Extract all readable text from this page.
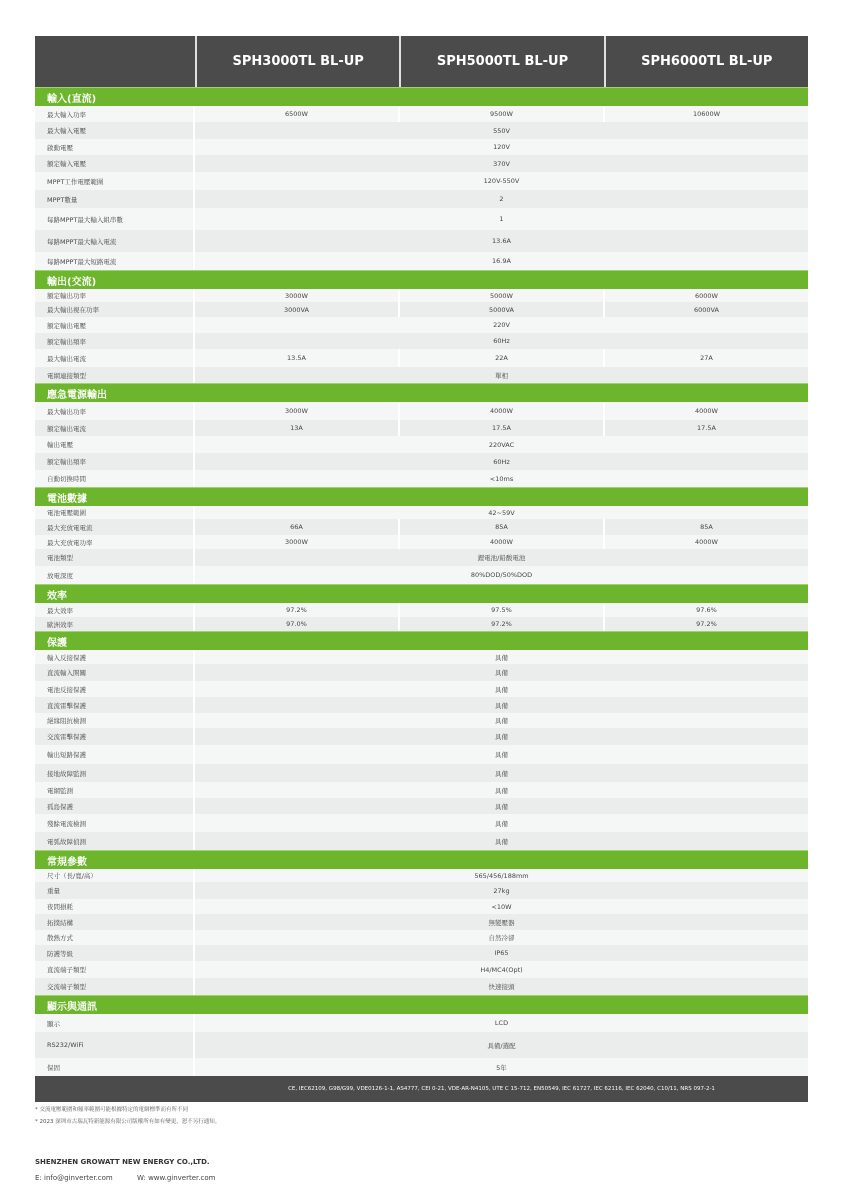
SPH3000TL BL-UP	SPH5000TL BL-UP	SPH6000TL BL-UP
輸入(直流)
最大輸入功率	6500W	9500W	10600W
最大輸入電壓	550V
啟動電壓	120V
額定輸入電壓	370V
MPPT工作電壓範圍	120V-550V
MPPT數量	2
每路MPPT最大輸入組串數	1
每路MPPT最大輸入電流	13.6A
每路MPPT最大短路電流	16.9A
輸出(交流)
額定輸出功率	3000W	5000W	6000W
最大輸出視在功率	3000VA	5000VA	6000VA
額定輸出電壓	220V
額定輸出頻率	60Hz
最大輸出電流	13.5A	22A	27A
電網連接類型	單相
應急電源輸出
最大輸出功率	3000W	4000W	4000W
額定輸出電流	13A	17.5A	17.5A
輸出電壓	220VAC
額定輸出頻率	60Hz
自動切換時間	<10ms
電池數據
電池電壓範圍	42~59V
最大充放電電流	66A	85A	85A
最大充放電功率	3000W	4000W	4000W
電池類型	鋰電池/鉛酸電池
放電深度	80%DOD/50%DOD
效率
最大效率	97.2%	97.5%	97.6%
歐洲效率	97.0%	97.2%	97.2%
保護
輸入反接保護	具備
直流輸入開關	具備
電池反接保護	具備
直流雷擊保護	具備
絕緣阻抗檢測	具備
交流雷擊保護	具備
輸出短路保護	具備
接地故障監測	具備
電網監測	具備
孤島保護	具備
殘餘電流檢測	具備
電弧故障偵測	具備
常規參數
尺寸（長/寬/高）	565/456/188mm
重量	27kg
夜間損耗	<10W
拓撲結構	無變壓器
散熱方式	自然冷卻
防護等級	IP65
直流端子類型	H4/MC4(Opt)
交流端子類型	快速接頭
顯示與通訊
顯示	LCD
RS232/WiFi	具備/選配
保固	5年
CE, IEC62109, G98/G99, VDE0126-1-1, AS4777, CEI 0-21, VDE-AR-N4105, UTE C 15-712, EN50549, IEC 61727, IEC 62116, IEC 62040, C10/11, NRS 097-2-1
* 交流電壓範圍和頻率範圍可能根據特定的電網標準而有所不同
* 2023 深圳市古瑞瓦特新能源有限公司版權所有如有變更，恕不另行通知。
SHENZHEN GROWATT NEW ENERGY CO.,LTD.
E: info@ginverter.com	W: www.ginverter.com
